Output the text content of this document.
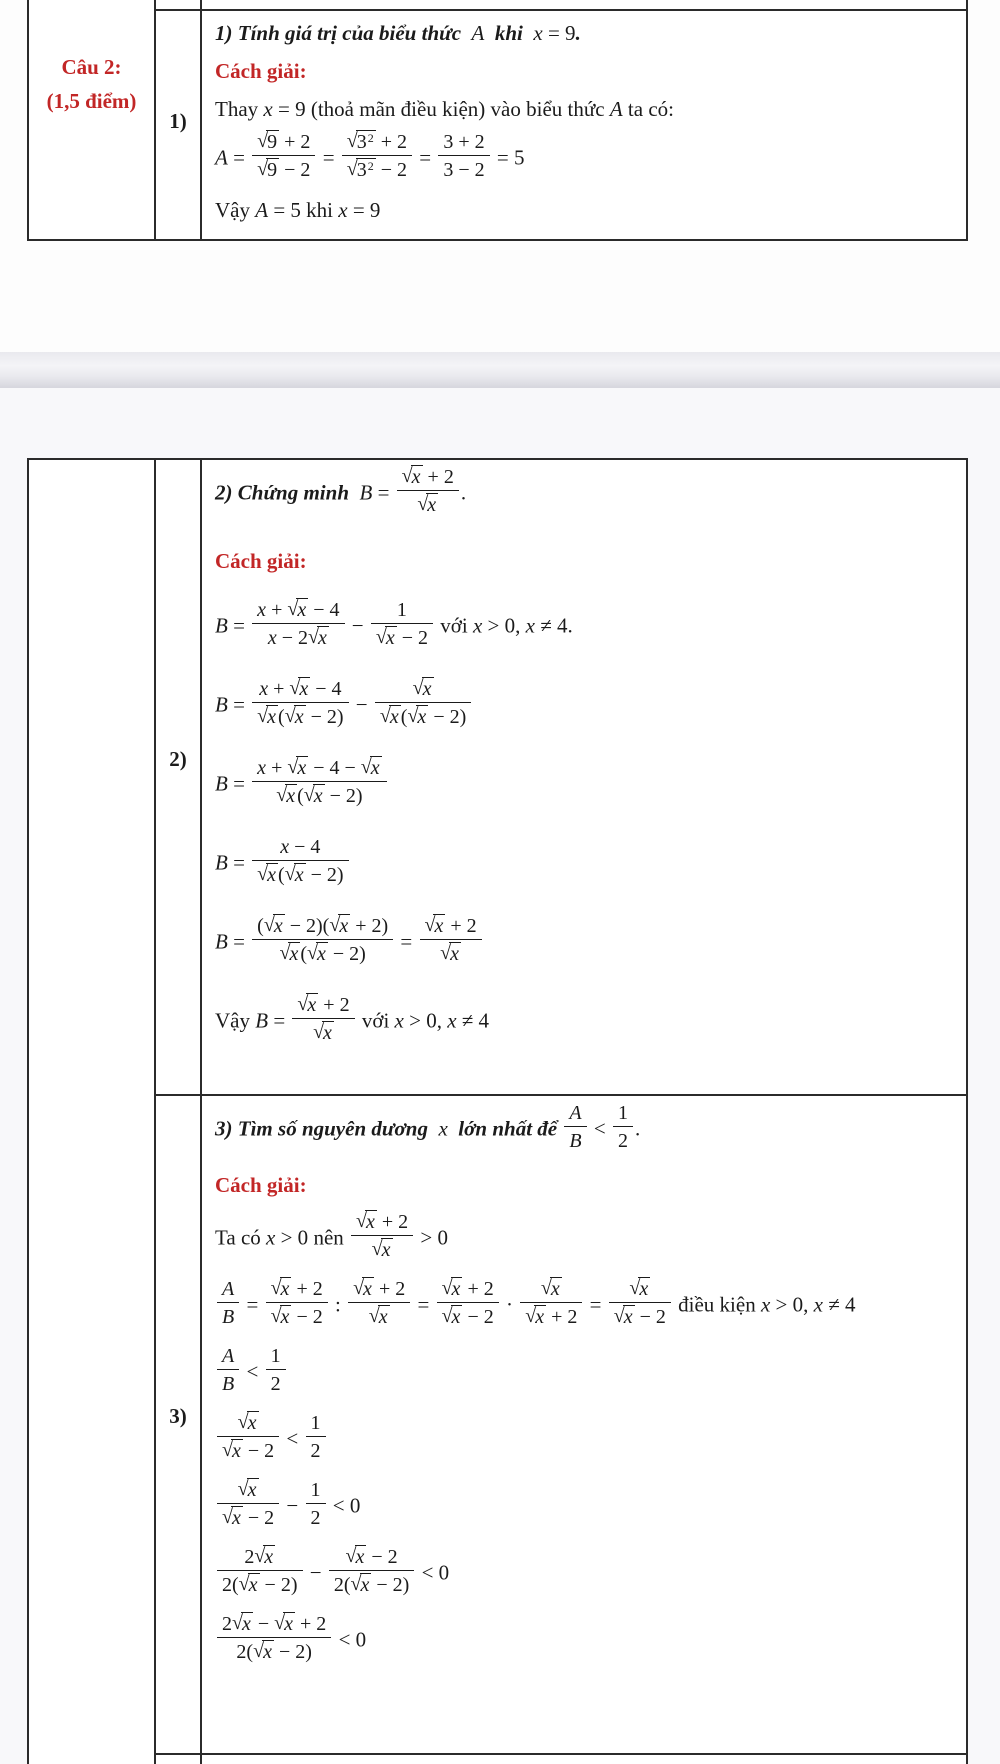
Câu 2:
(1,5 điểm)
1)
1) Tính giá trị của biểu thức  A  khi  x = 9.
Cách giải:
Thay x = 9 (thoả mãn điều kiện) vào biểu thức A ta có:
$A = \frac{√9 + 2}{√9 - 2} = \frac{√3^2 + 2}{√3^2 - 2} = \frac{3 + 2}{3 - 2} = 5$
Vậy A = 5 khi x = 9
2)
2) Chứng minh  $B = \frac{√x + 2}{√x}$ .
Cách giải:
$B = \frac{x + √x - 4}{x - 2√x} - \frac{1}{√x - 2}$ với x > 0, x ≠ 4.
$B = \frac{x + √x - 4}{√x (√x - 2)} - \frac{√x}{√x (√x - 2)}$
$B = \frac{x + √x - 4 - √x}{√x (√x - 2)}$
$B = \frac{x - 4}{√x (√x - 2)}$
$B = \frac{(√x - 2)(√x + 2)}{√x (√x - 2)} = \frac{√x + 2}{√x}$
Vậy $B = \frac{√x + 2}{√x}$ với x > 0, x ≠ 4
3)
3) Tìm số nguyên dương  x  lớn nhất để $\frac{A}{B} < \frac{1}{2}$ .
Cách giải:
Ta có x > 0 nên $\frac{√x + 2}{√x} > 0$
$\frac{A}{B} = \frac{√x + 2}{√x - 2}$ : $\frac{√x + 2}{√x} = \frac{√x + 2}{√x - 2} \cdot \frac{√x}{√x + 2} = \frac{√x}{√x - 2}$ điều kiện x > 0, x ≠ 4
$\frac{A}{B} < \frac{1}{2}$
$\frac{√x}{√x - 2} < \frac{1}{2}$
$\frac{√x}{√x - 2} - \frac{1}{2} < 0$
$\frac{2√x}{2(√x - 2)} - \frac{√x - 2}{2(√x - 2)} < 0$
$\frac{2√x - √x + 2}{2(√x - 2)} < 0$
